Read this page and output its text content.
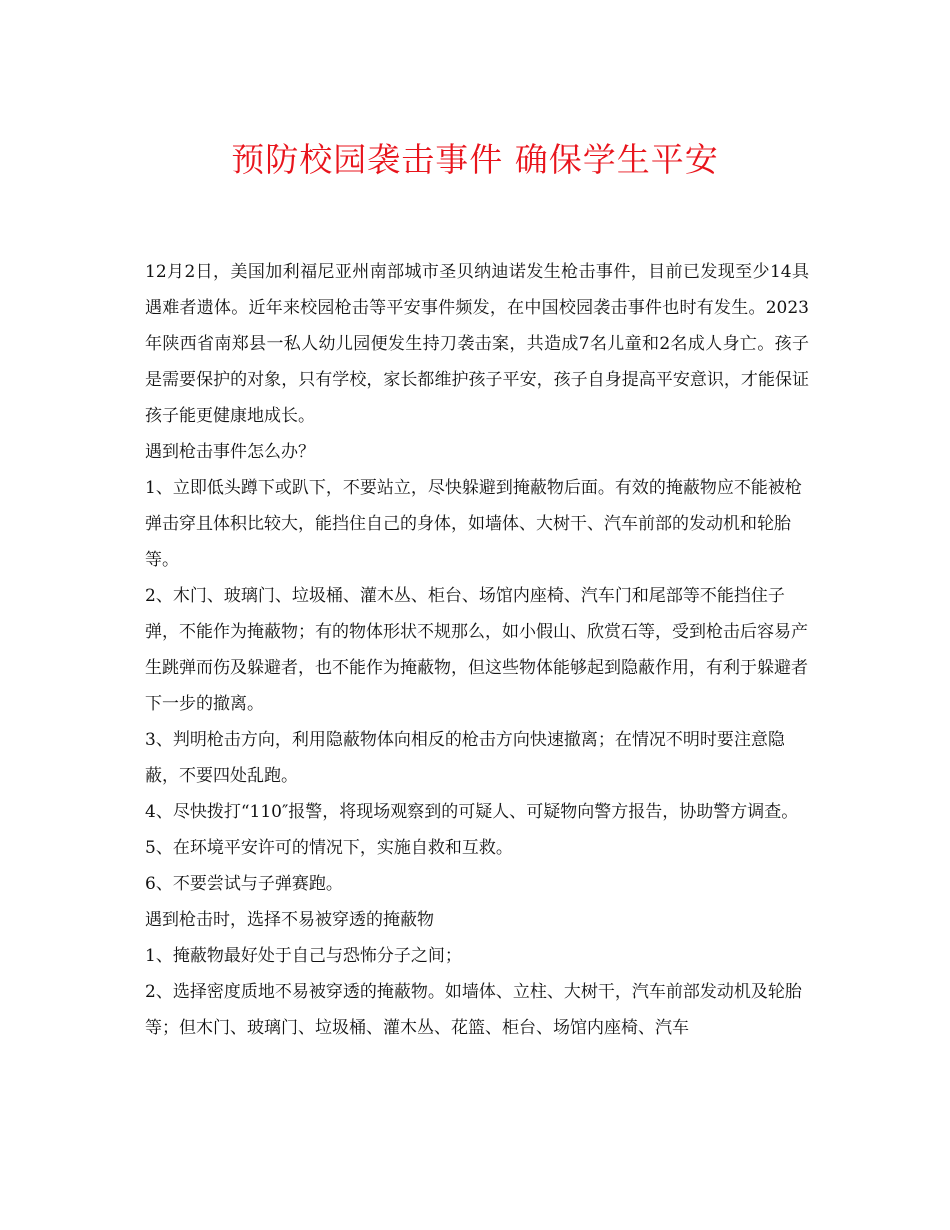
预防校园袭击事件 确保学生平安

12月2日，美国加利福尼亚州南部城市圣贝纳迪诺发生枪击事件，目前已发现至少14具遇难者遗体。近年来校园枪击等平安事件频发，在中国校园袭击事件也时有发生。2023年陕西省南郑县一私人幼儿园便发生持刀袭击案，共造成7名儿童和2名成人身亡。孩子是需要保护的对象，只有学校，家长都维护孩子平安，孩子自身提高平安意识，才能保证孩子能更健康地成长。

遇到枪击事件怎么办？

1、立即低头蹲下或趴下，不要站立，尽快躲避到掩蔽物后面。有效的掩蔽物应不能被枪弹击穿且体积比较大，能挡住自己的身体，如墙体、大树干、汽车前部的发动机和轮胎等。

2、木门、玻璃门、垃圾桶、灌木丛、柜台、场馆内座椅、汽车门和尾部等不能挡住子弹，不能作为掩蔽物；有的物体形状不规那么，如小假山、欣赏石等，受到枪击后容易产生跳弹而伤及躲避者，也不能作为掩蔽物，但这些物体能够起到隐蔽作用，有利于躲避者下一步的撤离。

3、判明枪击方向，利用隐蔽物体向相反的枪击方向快速撤离；在情况不明时要注意隐蔽，不要四处乱跑。

4、尽快拨打“110″报警，将现场观察到的可疑人、可疑物向警方报告，协助警方调查。

5、在环境平安许可的情况下，实施自救和互救。

6、不要尝试与子弹赛跑。

遇到枪击时，选择不易被穿透的掩蔽物

1、掩蔽物最好处于自己与恐怖分子之间；

2、选择密度质地不易被穿透的掩蔽物。如墙体、立柱、大树干，汽车前部发动机及轮胎等；但木门、玻璃门、垃圾桶、灌木丛、花篮、柜台、场馆内座椅、汽车
